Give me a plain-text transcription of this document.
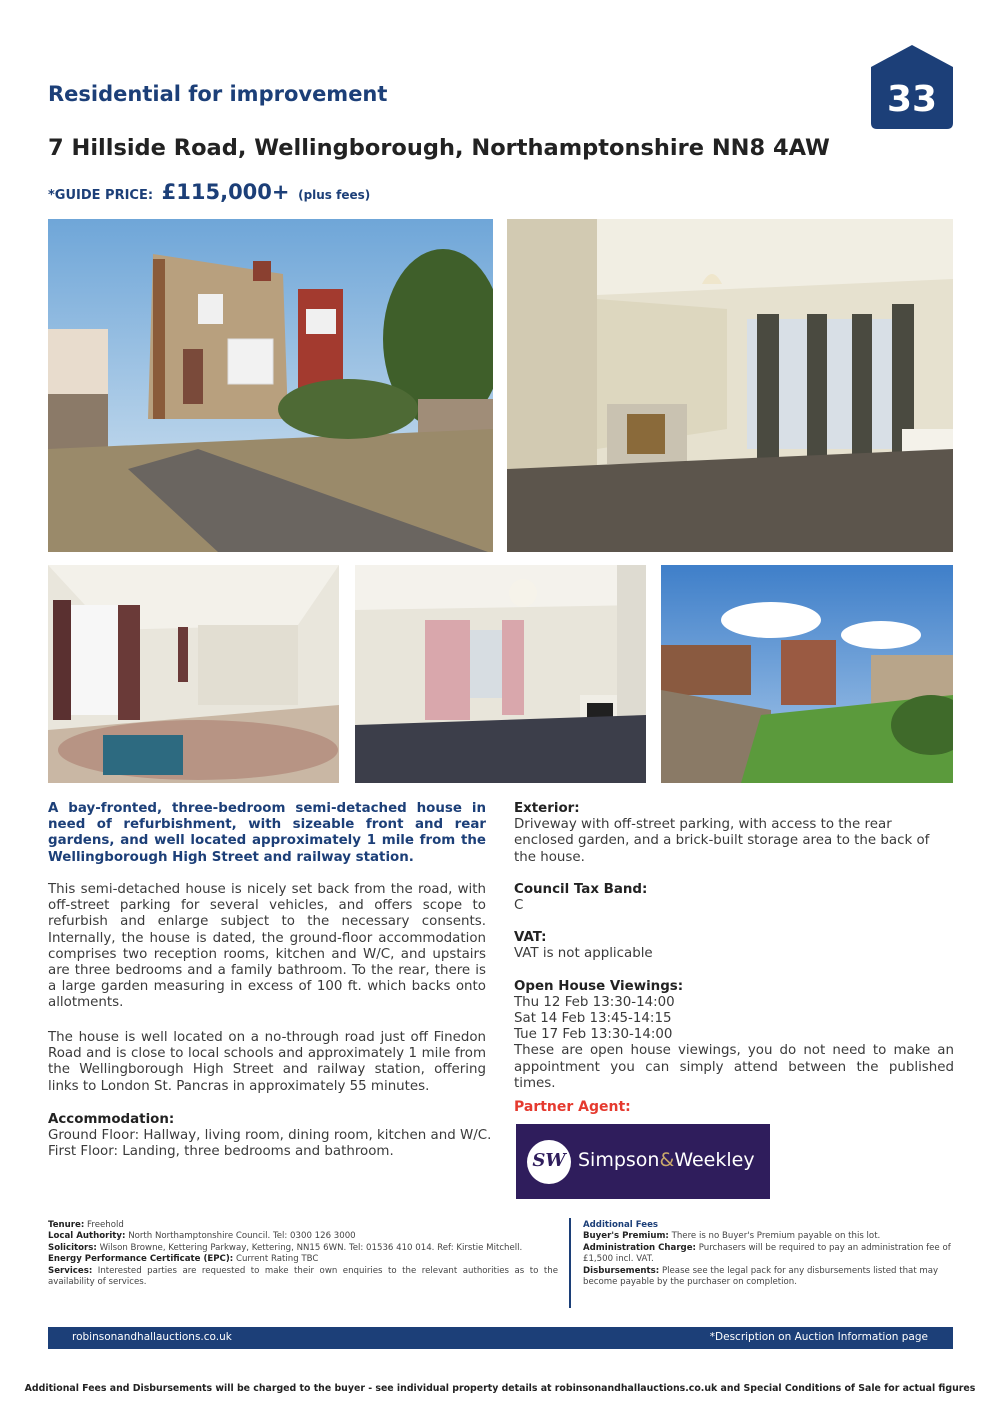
Residential for improvement
7 Hillside Road, Wellingborough, Northamptonshire NN8 4AW
*GUIDE PRICE: £115,000+ (plus fees)
33
A bay-fronted, three-bedroom semi-detached house in need of refurbishment, with sizeable front and rear gardens, and well located approximately 1 mile from the Wellingborough High Street and railway station.
This semi-detached house is nicely set back from the road, with off-street parking for several vehicles, and offers scope to refurbish and enlarge subject to the necessary consents. Internally, the house is dated, the ground-floor accommodation comprises two reception rooms, kitchen and W/C, and upstairs are three bedrooms and a family bathroom. To the rear, there is a large garden measuring in excess of 100 ft. which backs onto allotments.
The house is well located on a no-through road just off Finedon Road and is close to local schools and approximately 1 mile from the Wellingborough High Street and railway station, offering links to London St. Pancras in approximately 55 minutes.

Accommodation:

Ground Floor: Hallway, living room, dining room, kitchen and W/C.

First Floor: Landing, three bedrooms and bathroom.

Exterior:

Driveway with off-street parking, with access to the rear enclosed garden, and a brick-built storage area to the back of the house.

Council Tax Band:

C

VAT:

VAT is not applicable

Open House Viewings:

Thu 12 Feb 13:30-14:00

Sat 14 Feb 13:45-14:15

Tue 17 Feb 13:30-14:00

These are open house viewings, you do not need to make an appointment you can simply attend between the published times.

Partner Agent:
SW Simpson&Weekley
Tenure: Freehold
Local Authority: North Northamptonshire Council. Tel: 0300 126 3000
Solicitors: Wilson Browne, Kettering Parkway, Kettering, NN15 6WN. Tel: 01536 410 014. Ref: Kirstie Mitchell.
Energy Performance Certificate (EPC): Current Rating TBC
Services: Interested parties are requested to make their own enquiries to the relevant authorities as to the availability of services.
Additional Fees
Buyer's Premium: There is no Buyer's Premium payable on this lot.
Administration Charge: Purchasers will be required to pay an administration fee of £1,500 incl. VAT.
Disbursements: Please see the legal pack for any disbursements listed that may become payable by the purchaser on completion.
robinsonandhallauctions.co.uk	*Description on Auction Information page
Additional Fees and Disbursements will be charged to the buyer - see individual property details at robinsonandhallauctions.co.uk and Special Conditions of Sale for actual figures
